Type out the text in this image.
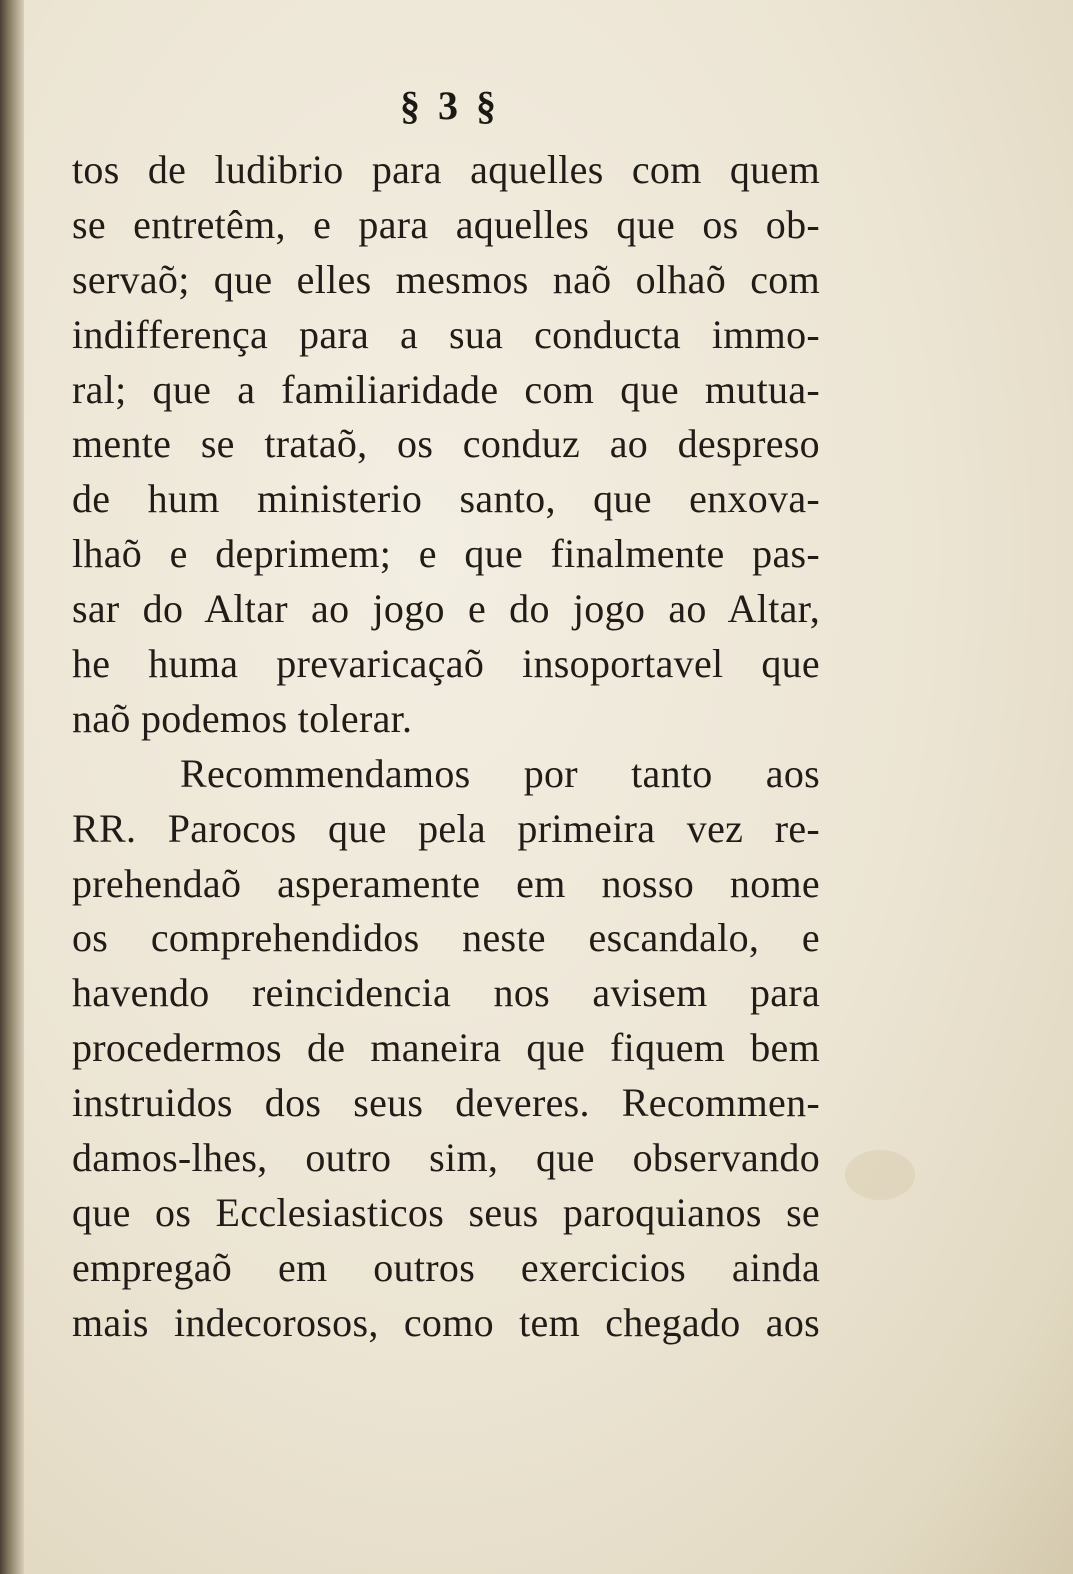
§ 3 §
tos de ludibrio para aquelles com quem
se entretêm, e para aquelles que os ob-
servaõ; que elles mesmos naõ olhaõ com
indifferença para a sua conducta immo-
ral; que a familiaridade com que mutua-
mente se trataõ, os conduz ao despreso
de hum ministerio santo, que enxova-
lhaõ e deprimem; e que finalmente pas-
sar do Altar ao jogo e do jogo ao Altar,
he huma prevaricaçaõ insoportavel que
naõ podemos tolerar.
Recommendamos por tanto aos
RR. Parocos que pela primeira vez re-
prehendaõ asperamente em nosso nome
os comprehendidos neste escandalo, e
havendo reincidencia nos avisem para
procedermos de maneira que fiquem bem
instruidos dos seus deveres. Recommen-
damos-lhes, outro sim, que observando
que os Ecclesiasticos seus paroquianos se
empregaõ em outros exercicios ainda
mais indecorosos, como tem chegado aos
